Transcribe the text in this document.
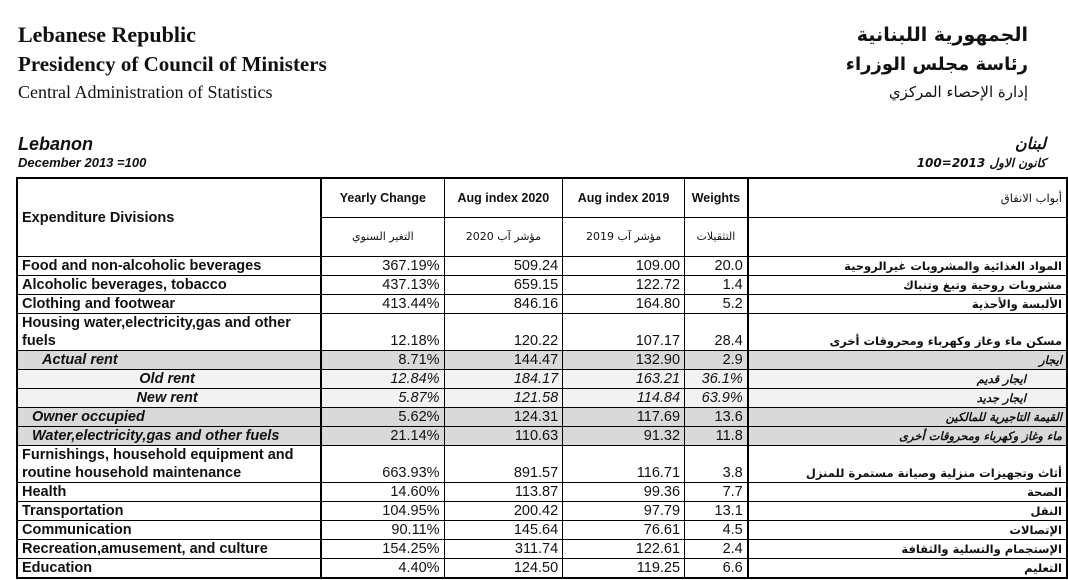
Lebanese Republic
Presidency of Council of Ministers
Central Administration of Statistics
الجمهورية اللبنانية
رئاسة مجلس الوزراء
إدارة الإحصاء المركزي
Lebanon
December 2013 =100
لبنان
كانون الاول 2013=100
Expenditure Divisions	Yearly Change	Aug index 2020	Aug index 2019	Weights	أبواب الانفاق
	التغير السنوي	مؤشر آب 2020	مؤشر آب 2019	التثقيلات	
Food and non-alcoholic beverages	367.19%	509.24	109.00	20.0	المواد الغذائية والمشروبات غيرالروحية
Alcoholic beverages, tobacco	437.13%	659.15	122.72	1.4	مشروبات روحية وتبغ وتنباك
Clothing and footwear	413.44%	846.16	164.80	5.2	الألبسة والأحذية
Housing water,electricity,gas and other fuels	12.18%	120.22	107.17	28.4	مسكن ماء وغاز وكهرباء ومحروقات أخرى
Actual rent	8.71%	144.47	132.90	2.9	ايجار
Old rent	12.84%	184.17	163.21	36.1%	ايجار قديم
New rent	5.87%	121.58	114.84	63.9%	ايجار جديد
Owner occupied	5.62%	124.31	117.69	13.6	القيمة التاجيرية للمالكين
Water,electricity,gas and other fuels	21.14%	110.63	91.32	11.8	ماء وغاز وكهرباء ومحروقات أخرى
Furnishings, household equipment and routine household maintenance	663.93%	891.57	116.71	3.8	أثاث وتجهيزات منزلية وصيانة مستمرة للمنزل
Health	14.60%	113.87	99.36	7.7	الصحة
Transportation	104.95%	200.42	97.79	13.1	النقل
Communication	90.11%	145.64	76.61	4.5	الإتصالات
Recreation,amusement, and culture	154.25%	311.74	122.61	2.4	الإستجمام والتسلية والثقافة
Education	4.40%	124.50	119.25	6.6	التعليم
